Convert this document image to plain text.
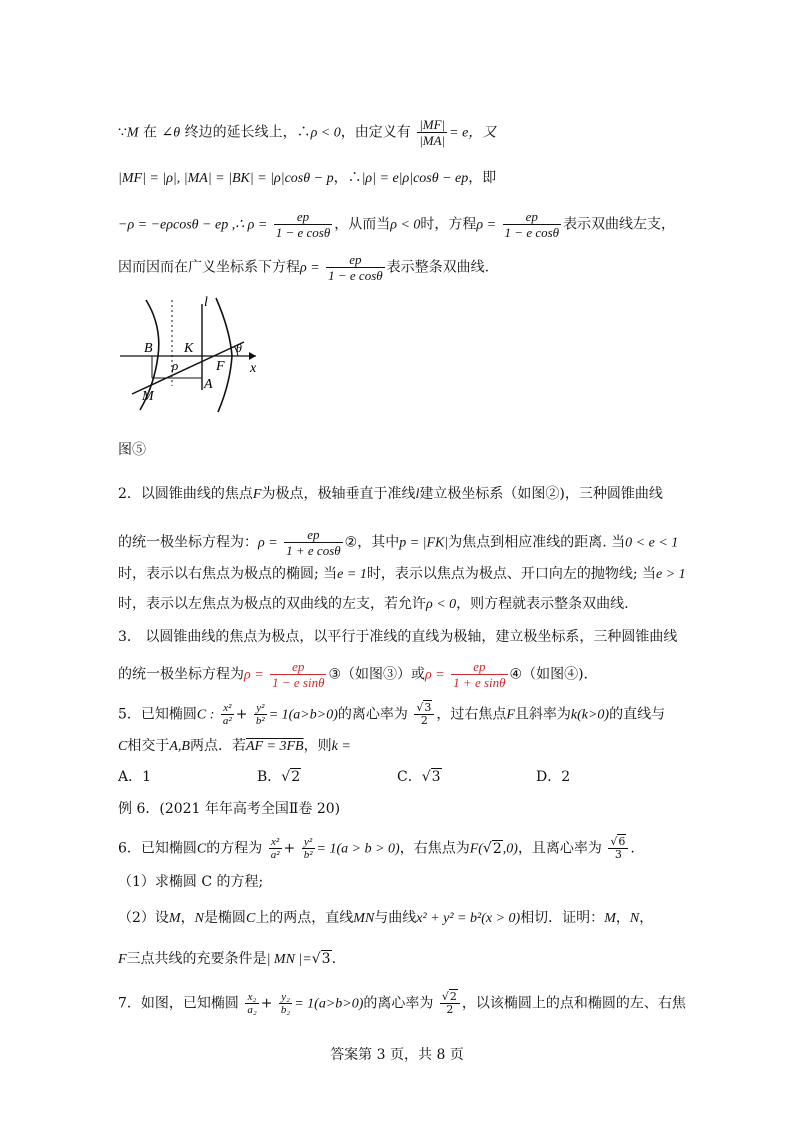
∵M 在 ∠θ 终边的延长线上，∴ρ < 0，由定义有 $\frac{|MF|}{|MA|} = e$，又
|MF| = |ρ|, |MA| = |BK| = |ρ|cosθ − p，∴|ρ| = e|ρ|cosθ − ep，即
−ρ = −eρcosθ − ep ,∴ $\rho = \frac{ep}{\text{1 − e cosθ}}$ ，从而当ρ < 0时，方程$\rho = \frac{ep}{\text{1 − e cosθ}}$ 表示双曲线左支，
因而因而在广义坐标系下方程$\rho = \frac{ep}{\text{1 − e cosθ}}$ 表示整条双曲线.
l
B K
ρ
θ
F x
A
M
图⑤
2．以圆锥曲线的焦点F为极点，极轴垂直于准线l建立极坐标系（如图②)，三种圆锥曲线
的统一极坐标方程为：$\rho = \frac{ep}{\text{1 + e cosθ}}$ ②，其中p = |FK|为焦点到相应准线的距离. 当0 < e < 1
时，表示以右焦点为极点的椭圆; 当e = 1时，表示以焦点为极点、开口向左的抛物线; 当e > 1
时，表示以左焦点为极点的双曲线的左支，若允许ρ < 0，则方程就表示整条双曲线.
3． 以圆锥曲线的焦点为极点，以平行于准线的直线为极轴，建立极坐标系，三种圆锥曲线
的统一极坐标方程为$\rho = \frac{ep}{\text{1 − e sinθ}}$ ③（如图③）或$\rho = \frac{ep}{\text{1 + e sinθ}}$ ④（如图④).
5．已知椭圆C : $\frac{\text{x²}}{\text{a²}} + \frac{\text{y²}}{\text{b²}} = 1(a>b>0)$的离心率为 $\frac{√3}{2}$ ，过右焦点F且斜率为k(k>0)的直线与
C相交于A,B两点．若AF = 3FB，则k =
A．1	B．√2	C．√3	D．2
例 6．(2021 年年高考全国Ⅱ卷 20)
6．已知椭圆C的方程为 $\frac{\text{x²}}{\text{a²}} + \frac{\text{y²}}{\text{b²}} = 1(a > b > 0)$，右焦点为F(√2,0)，且离心率为 $\frac{√6}{3}$ .
（1）求椭圆 C 的方程;
（2）设M，N是椭圆C上的两点，直线MN与曲线x² + y² = b²(x > 0)相切．证明：M，N，
F三点共线的充要条件是| MN |=√3.
7．如图，已知椭圆 $\frac{\text{x₂}}{\text{a₂}} + \frac{\text{y₂}}{\text{b₂}} = 1(a>b>0)$的离心率为 $\frac{√2}{2}$ ，以该椭圆上的点和椭圆的左、右焦
答案第 3 页，共 8 页
